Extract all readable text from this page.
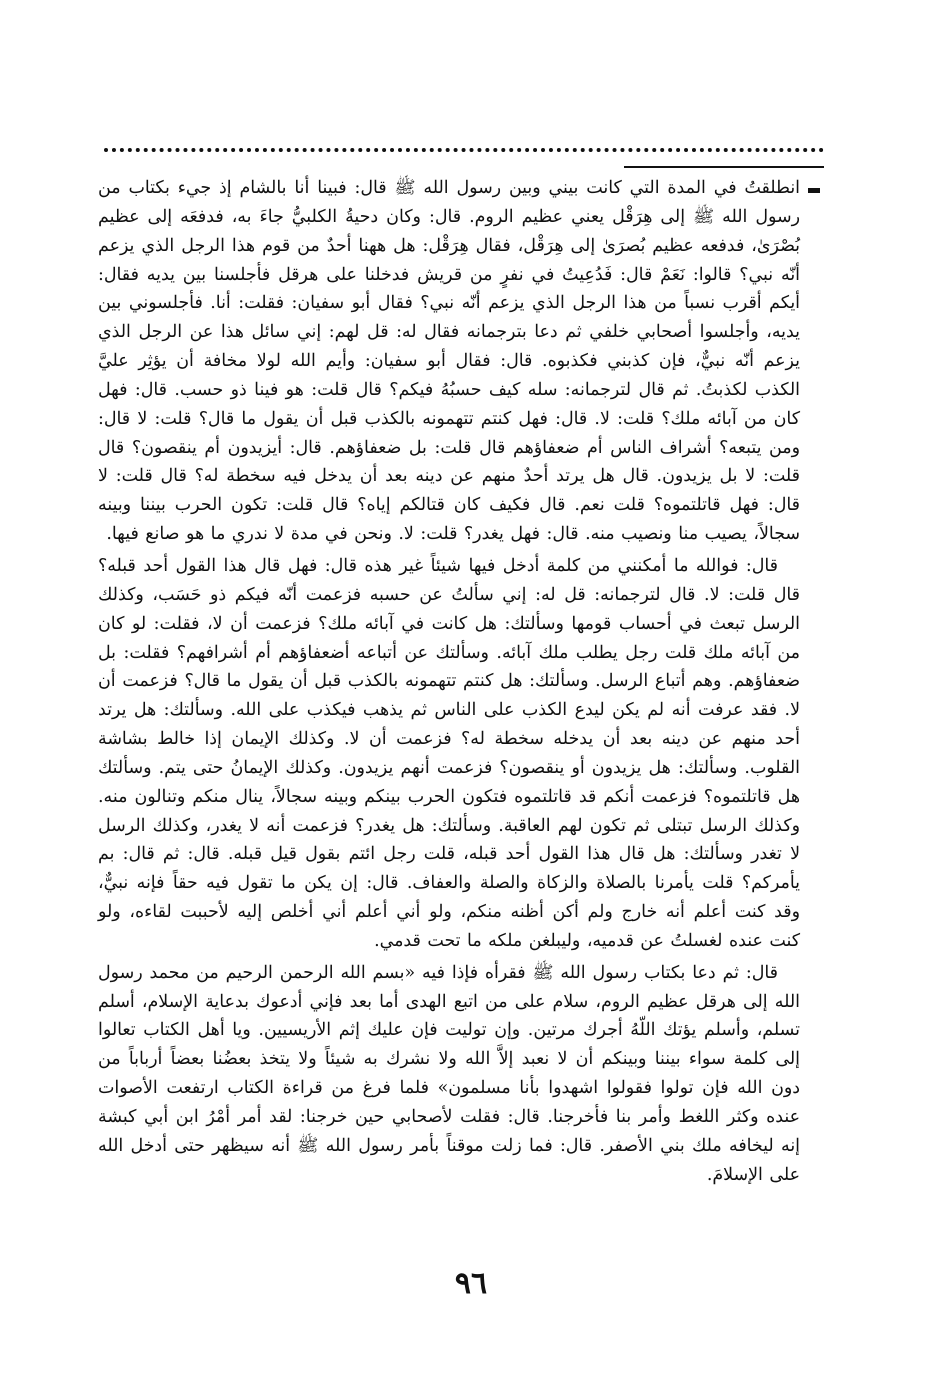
انطلقتُ في المدة التي كانت بيني وبين رسول الله ﷺ قال: فبينا أنا بالشام إذ جيء بكتاب من رسول الله ﷺ إلى هِرَقْل يعني عظيم الروم. قال: وكان دحيةُ الكلبيُّ جاءَ به، فدفعَه إلى عظيم بُصْرَىٰ، فدفعه عظيم بُصرَىٰ إلى هِرَقْل، فقال هِرَقْل: هل ههنا أحدٌ من قوم هذا الرجل الذي يزعم أنّه نبي؟ قالوا: نَعَمْ قال: فَدُعِيتُ في نفرٍ من قريش فدخلنا على هرقل فأجلسنا بين يديه فقال: أيكم أقرب نسباً من هذا الرجل الذي يزعم أنّه نبي؟ فقال أبو سفيان: فقلت: أنا. فأجلسوني بين يديه، وأجلسوا أصحابي خلفي ثم دعا بترجمانه فقال له: قل لهم: إني سائل هذا عن الرجل الذي يزعم أنّه نبيٌّ، فإن كذبني فكذبوه. قال: فقال أبو سفيان: وأيم الله لولا مخافة أن يؤثِر عليَّ الكذب لكذبتُ. ثم قال لترجمانه: سله كيف حسبُهُ فيكم؟ قال قلت: هو فينا ذو حسب. قال: فهل كان من آبائه ملك؟ قلت: لا. قال: فهل كنتم تتهمونه بالكذب قبل أن يقول ما قال؟ قلت: لا قال: ومن يتبعه؟ أشراف الناس أم ضعفاؤهم قال قلت: بل ضعفاؤهم. قال: أيزيدون أم ينقصون؟ قال قلت: لا بل يزيدون. قال هل يرتد أحدٌ منهم عن دينه بعد أن يدخل فيه سخطة له؟ قال قلت: لا قال: فهل قاتلتموه؟ قلت نعم. قال فكيف كان قتالكم إياه؟ قال قلت: تكون الحرب بيننا وبينه سجالاً، يصيب منا ونصيب منه. قال: فهل يغدر؟ قلت: لا. ونحن في مدة لا ندري ما هو صانع فيها.

قال: فوالله ما أمكنني من كلمة أدخل فيها شيئاً غير هذه قال: فهل قال هذا القول أحد قبله؟ قال قلت: لا. قال لترجمانه: قل له: إني سألتُ عن حسبه فزعمت أنّه فيكم ذو حَسَب، وكذلك الرسل تبعث في أحساب قومها وسألتك: هل كانت في آبائه ملك؟ فزعمت أن لا، فقلت: لو كان من آبائه ملك قلت رجل يطلب ملك آبائه. وسألتك عن أتباعه أضعفاؤهم أم أشرافهم؟ فقلت: بل ضعفاؤهم. وهم أتباع الرسل. وسألتك: هل كنتم تتهمونه بالكذب قبل أن يقول ما قال؟ فزعمت أن لا. فقد عرفت أنه لم يكن ليدع الكذب على الناس ثم يذهب فيكذب على الله. وسألتك: هل يرتد أحد منهم عن دينه بعد أن يدخله سخطة له؟ فزعمت أن لا. وكذلك الإيمان إذا خالط بشاشة القلوب. وسألتك: هل يزيدون أو ينقصون؟ فزعمت أنهم يزيدون. وكذلك الإيمانُ حتى يتم. وسألتك هل قاتلتموه؟ فزعمت أنكم قد قاتلتموه فتكون الحرب بينكم وبينه سجالاً، ينال منكم وتنالون منه. وكذلك الرسل تبتلى ثم تكون لهم العاقبة. وسألتك: هل يغدر؟ فزعمت أنه لا يغدر، وكذلك الرسل لا تغدر وسألتك: هل قال هذا القول أحد قبله، قلت رجل ائتم بقول قيل قبله. قال: ثم قال: بم يأمركم؟ قلت يأمرنا بالصلاة والزكاة والصلة والعفاف. قال: إن يكن ما تقول فيه حقاً فإنه نبيٌّ، وقد كنت أعلم أنه خارج ولم أكن أظنه منكم، ولو أني أعلم أني أخلص إليه لأحببت لقاءه، ولو كنت عنده لغسلتُ عن قدميه، وليبلغن ملكه ما تحت قدمي.

قال: ثم دعا بكتاب رسول الله ﷺ فقرأه فإذا فيه «بسم الله الرحمن الرحيم من محمد رسول الله إلى هرقل عظيم الروم، سلام على من اتبع الهدى أما بعد فإني أدعوك بدعاية الإسلام، أسلم تسلم، وأسلم يؤتك اللّهُ أجرك مرتين. وإن توليت فإن عليك إثم الأريسيين. ويا أهل الكتاب تعالوا إلى كلمة سواء بيننا وبينكم أن لا نعبد إلاَّ الله ولا نشرك به شيئاً ولا يتخذ بعضُنا بعضاً أرباباً من دون الله فإن تولوا فقولوا اشهدوا بأنا مسلمون» فلما فرغ من قراءة الكتاب ارتفعت الأصوات عنده وكثر اللغط وأمر بنا فأخرجنا. قال: فقلت لأصحابي حين خرجنا: لقد أمر أمْرُ ابن أبي كبشة إنه ليخافه ملك بني الأصفر. قال: فما زلت موقناً بأمر رسول الله ﷺ أنه سيظهر حتى أدخل الله على الإسلامَ.

٩٦
